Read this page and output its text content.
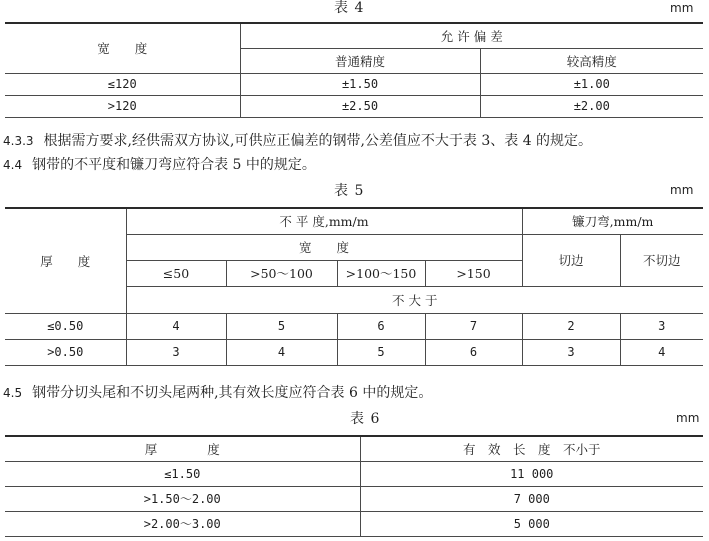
表 4	mm
宽　　度	允 许 偏 差	
	普通精度	较高精度
≤120	±1.50	±1.00
>120	±2.50	±2.00
4.3.3 根据需方要求,经供需双方协议,可供应正偏差的钢带,公差值应不大于表 3、表 4 的规定。
4.4 钢带的不平度和镰刀弯应符合表 5 中的规定。
表 5	mm
厚　　度	不 平 度,mm/m				镰刀弯,mm/m	
	宽　　度				切边	不切边
	≤50	>50～100	>100～150	>150		
	不 大 于					
≤0.50	4	5	6	7	2	3
>0.50	3	4	5	6	3	4
4.5 钢带分切头尾和不切头尾两种,其有效长度应符合表 6 中的规定。
表 6	mm
厚　　　　度	有　效　长　度　不小于
≤1.50	11 000
>1.50～2.00	7 000
>2.00～3.00	5 000
